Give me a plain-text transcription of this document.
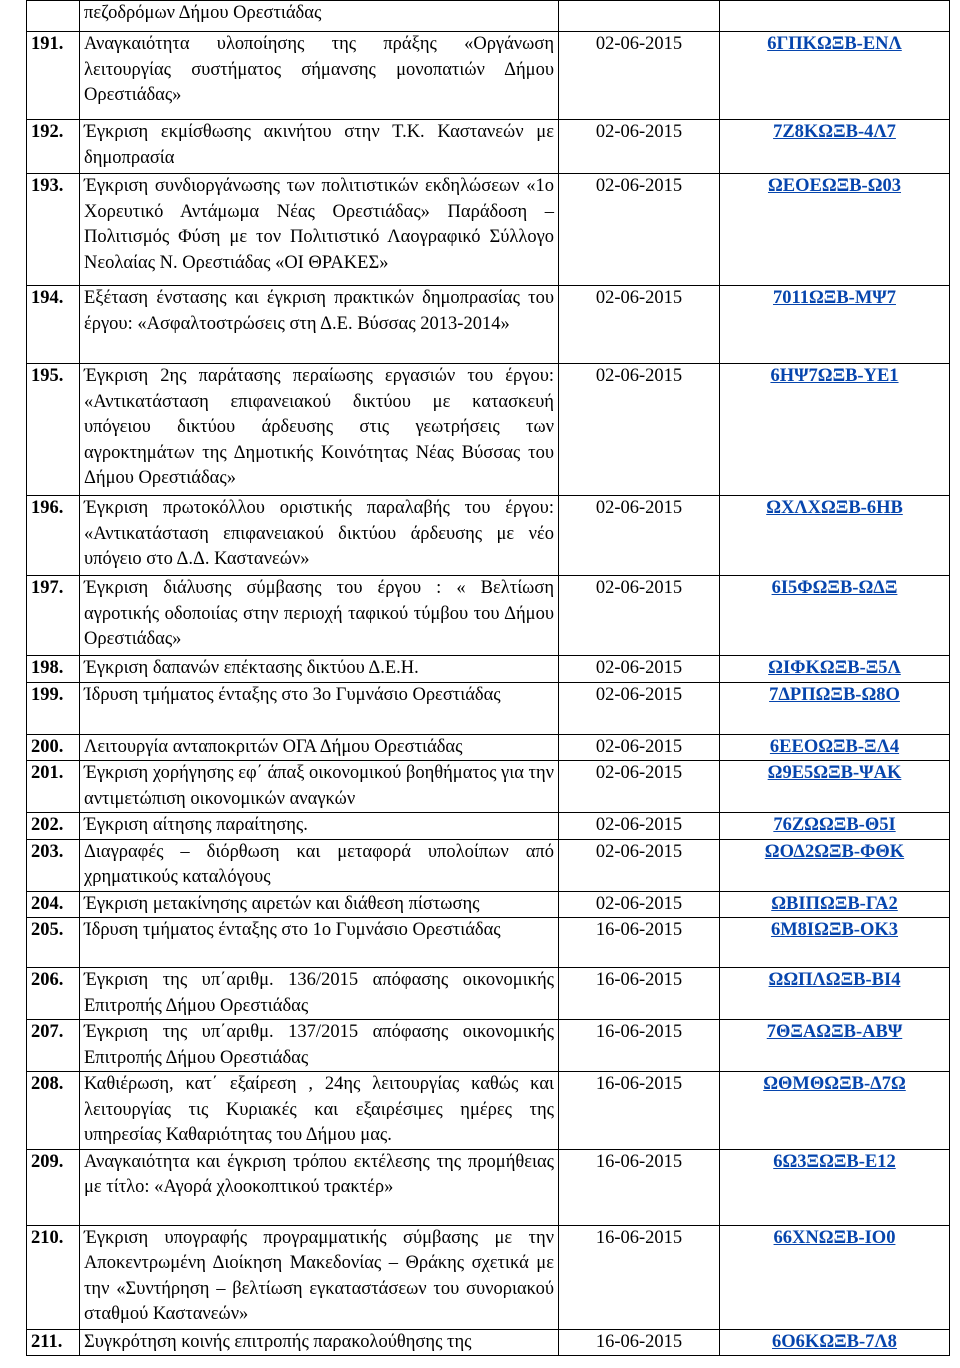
	πεζοδρόμων Δήμου Ορεστιάδας		
191.	Αναγκαιότητα υλοποίησης της πράξης «Οργάνωση λειτουργίας συστήματος σήμανσης μονοπατιών Δήμου Ορεστιάδας»	02-06-2015	6ΓΠΚΩΞΒ-ΕΝΛ
192.	Έγκριση εκμίσθωσης ακινήτου στην Τ.Κ. Καστανεών με δημοπρασία	02-06-2015	7Ζ8ΚΩΞΒ-4Λ7
193.	Έγκριση συνδιοργάνωσης των πολιτιστικών εκδηλώσεων «1ο Χορευτικό Αντάμωμα Νέας Ορεστιάδας» Παράδοση – Πολιτισμός Φύση με τον Πολιτιστικό Λαογραφικό Σύλλογο Νεολαίας Ν. Ορεστιάδας «ΟΙ ΘΡΑΚΕΣ»	02-06-2015	ΩΕΟΕΩΞΒ-Ω03
194.	Εξέταση ένστασης και έγκριση πρακτικών δημοπρασίας του έργου: «Ασφαλτοστρώσεις στη Δ.Ε. Βύσσας 2013-2014»	02-06-2015	7011ΩΞΒ-ΜΨ7
195.	Έγκριση 2ης παράτασης περαίωσης εργασιών του έργου: «Αντικατάσταση επιφανειακού δικτύου με κατασκευή υπόγειου δικτύου άρδευσης στις γεωτρήσεις των αγροκτημάτων της Δημοτικής Κοινότητας Νέας Βύσσας του Δήμου Ορεστιάδας»	02-06-2015	6ΗΨ7ΩΞΒ-ΥΕ1
196.	Έγκριση πρωτοκόλλου οριστικής παραλαβής του έργου: «Αντικατάσταση επιφανειακού δικτύου άρδευσης με νέο υπόγειο στο Δ.Δ. Καστανεών»	02-06-2015	ΩΧΛΧΩΞΒ-6ΗΒ
197.	Έγκριση διάλυσης σύμβασης του έργου : « Βελτίωση αγροτικής οδοποιίας στην περιοχή ταφικού τύμβου του Δήμου Ορεστιάδας»	02-06-2015	6Ι5ΦΩΞΒ-ΩΔΞ
198.	Έγκριση δαπανών επέκτασης δικτύου Δ.Ε.Η.	02-06-2015	ΩΙΦΚΩΞΒ-Ξ5Λ
199.	Ίδρυση τμήματος ένταξης στο 3ο Γυμνάσιο Ορεστιάδας	02-06-2015	7ΔΡΠΩΞΒ-Ω8Ο
200.	Λειτουργία ανταποκριτών ΟΓΑ Δήμου Ορεστιάδας	02-06-2015	6ΕΕΟΩΞΒ-ΞΛ4
201.	Έγκριση χορήγησης εφ΄ άπαξ οικονομικού βοηθήματος για την αντιμετώπιση οικονομικών αναγκών	02-06-2015	Ω9Ε5ΩΞΒ-ΨΑΚ
202.	Έγκριση αίτησης παραίτησης.	02-06-2015	76ΖΩΩΞΒ-Θ5Ι
203.	Διαγραφές – διόρθωση και μεταφορά υπολοίπων από χρηματικούς καταλόγους	02-06-2015	ΩΟΔ2ΩΞΒ-ΦΘΚ
204.	Έγκριση μετακίνησης αιρετών και διάθεση πίστωσης	02-06-2015	ΩΒΙΠΩΞΒ-ΓΑ2
205.	Ίδρυση τμήματος ένταξης στο 1ο Γυμνάσιο Ορεστιάδας	16-06-2015	6Μ8ΙΩΞΒ-ΟΚ3
206.	Έγκριση της υπ΄αριθμ. 136/2015 απόφασης οικονομικής Επιτροπής Δήμου Ορεστιάδας	16-06-2015	ΩΩΠΛΩΞΒ-ΒΙ4
207.	Έγκριση της υπ΄αριθμ. 137/2015 απόφασης οικονομικής Επιτροπής Δήμου Ορεστιάδας	16-06-2015	7ΘΞΑΩΞΒ-ΑΒΨ
208.	Καθιέρωση, κατ΄ εξαίρεση , 24ης λειτουργίας καθώς και λειτουργίας τις Κυριακές και εξαιρέσιμες ημέρες της υπηρεσίας Καθαριότητας του Δήμου μας.	16-06-2015	ΩΘΜΘΩΞΒ-Δ7Ω
209.	Αναγκαιότητα και έγκριση τρόπου εκτέλεσης της προμήθειας με τίτλο: «Αγορά χλοοκοπτικού τρακτέρ»	16-06-2015	6Ω3ΞΩΞΒ-Ε12
210.	Έγκριση υπογραφής προγραμματικής σύμβασης με την Αποκεντρωμένη Διοίκηση Μακεδονίας – Θράκης σχετικά με την «Συντήρηση – βελτίωση εγκαταστάσεων του συνοριακού σταθμού Καστανεών»	16-06-2015	66ΧΝΩΞΒ-ΙΟ0
211.	Συγκρότηση κοινής επιτροπής παρακολούθησης της	16-06-2015	6Ο6ΚΩΞΒ-7Λ8
